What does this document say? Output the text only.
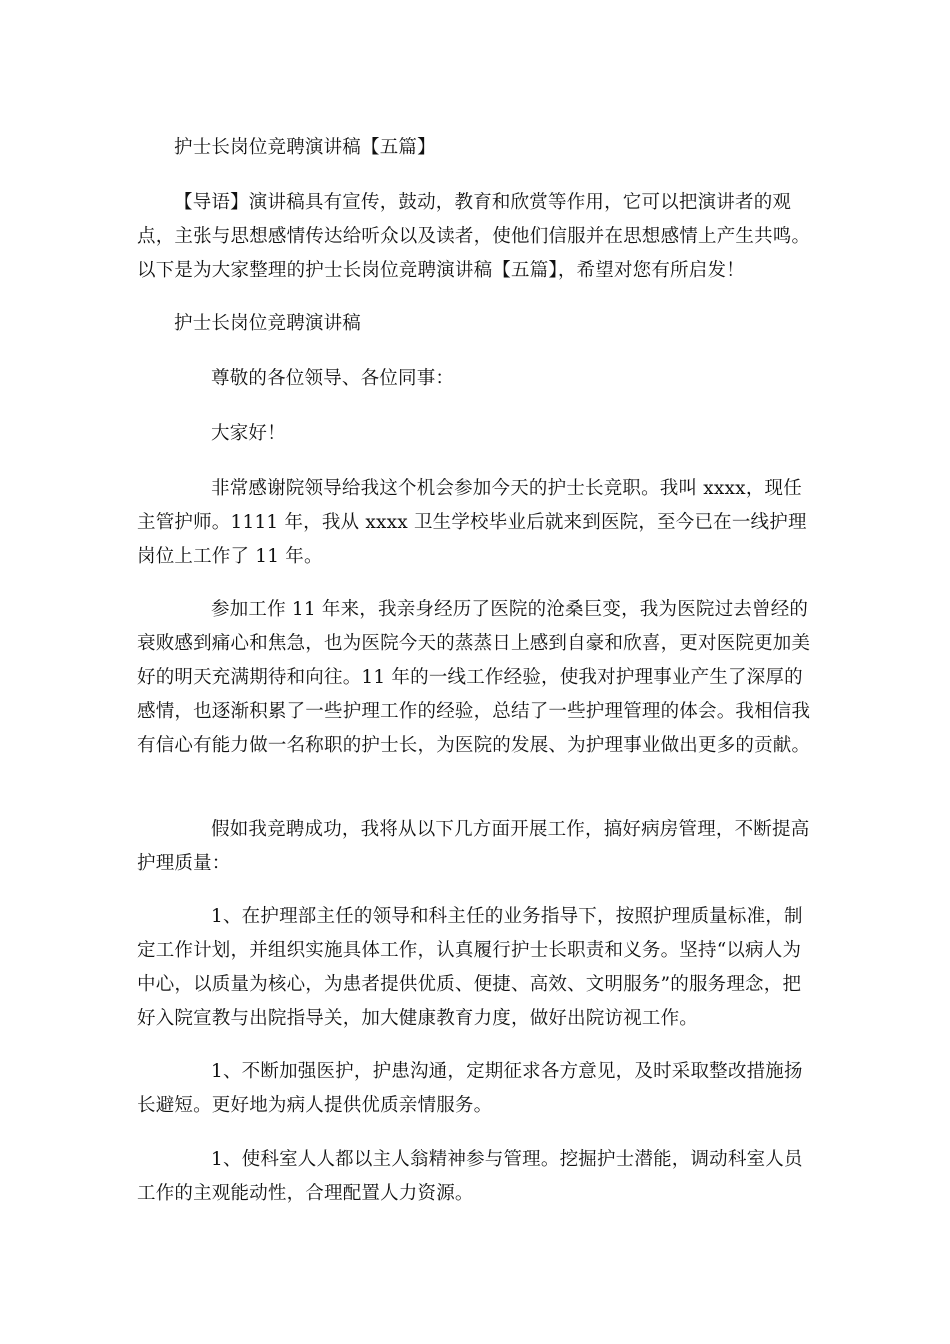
护士长岗位竞聘演讲稿【五篇】

【导语】演讲稿具有宣传，鼓动，教育和欣赏等作用，它可以把演讲者的观点，主张与思想感情传达给听众以及读者，使他们信服并在思想感情上产生共鸣。以下是为大家整理的护士长岗位竞聘演讲稿【五篇】，希望对您有所启发！

护士长岗位竞聘演讲稿

尊敬的各位领导、各位同事：

大家好！

非常感谢院领导给我这个机会参加今天的护士长竞职。我叫 xxxx，现任主管护师。1111 年，我从 xxxx 卫生学校毕业后就来到医院，至今已在一线护理岗位上工作了 11 年。

参加工作 11 年来，我亲身经历了医院的沧桑巨变，我为医院过去曾经的衰败感到痛心和焦急，也为医院今天的蒸蒸日上感到自豪和欣喜，更对医院更加美好的明天充满期待和向往。11 年的一线工作经验，使我对护理事业产生了深厚的感情，也逐渐积累了一些护理工作的经验，总结了一些护理管理的体会。我相信我有信心有能力做一名称职的护士长，为医院的发展、为护理事业做出更多的贡献。

假如我竞聘成功，我将从以下几方面开展工作，搞好病房管理，不断提高护理质量：

1、在护理部主任的领导和科主任的业务指导下，按照护理质量标准，制定工作计划，并组织实施具体工作，认真履行护士长职责和义务。坚持“以病人为中心，以质量为核心，为患者提供优质、便捷、高效、文明服务”的服务理念，把好入院宣教与出院指导关，加大健康教育力度，做好出院访视工作。

1、不断加强医护，护患沟通，定期征求各方意见，及时采取整改措施扬长避短。更好地为病人提供优质亲情服务。

1、使科室人人都以主人翁精神参与管理。挖掘护士潜能，调动科室人员工作的主观能动性，合理配置人力资源。
